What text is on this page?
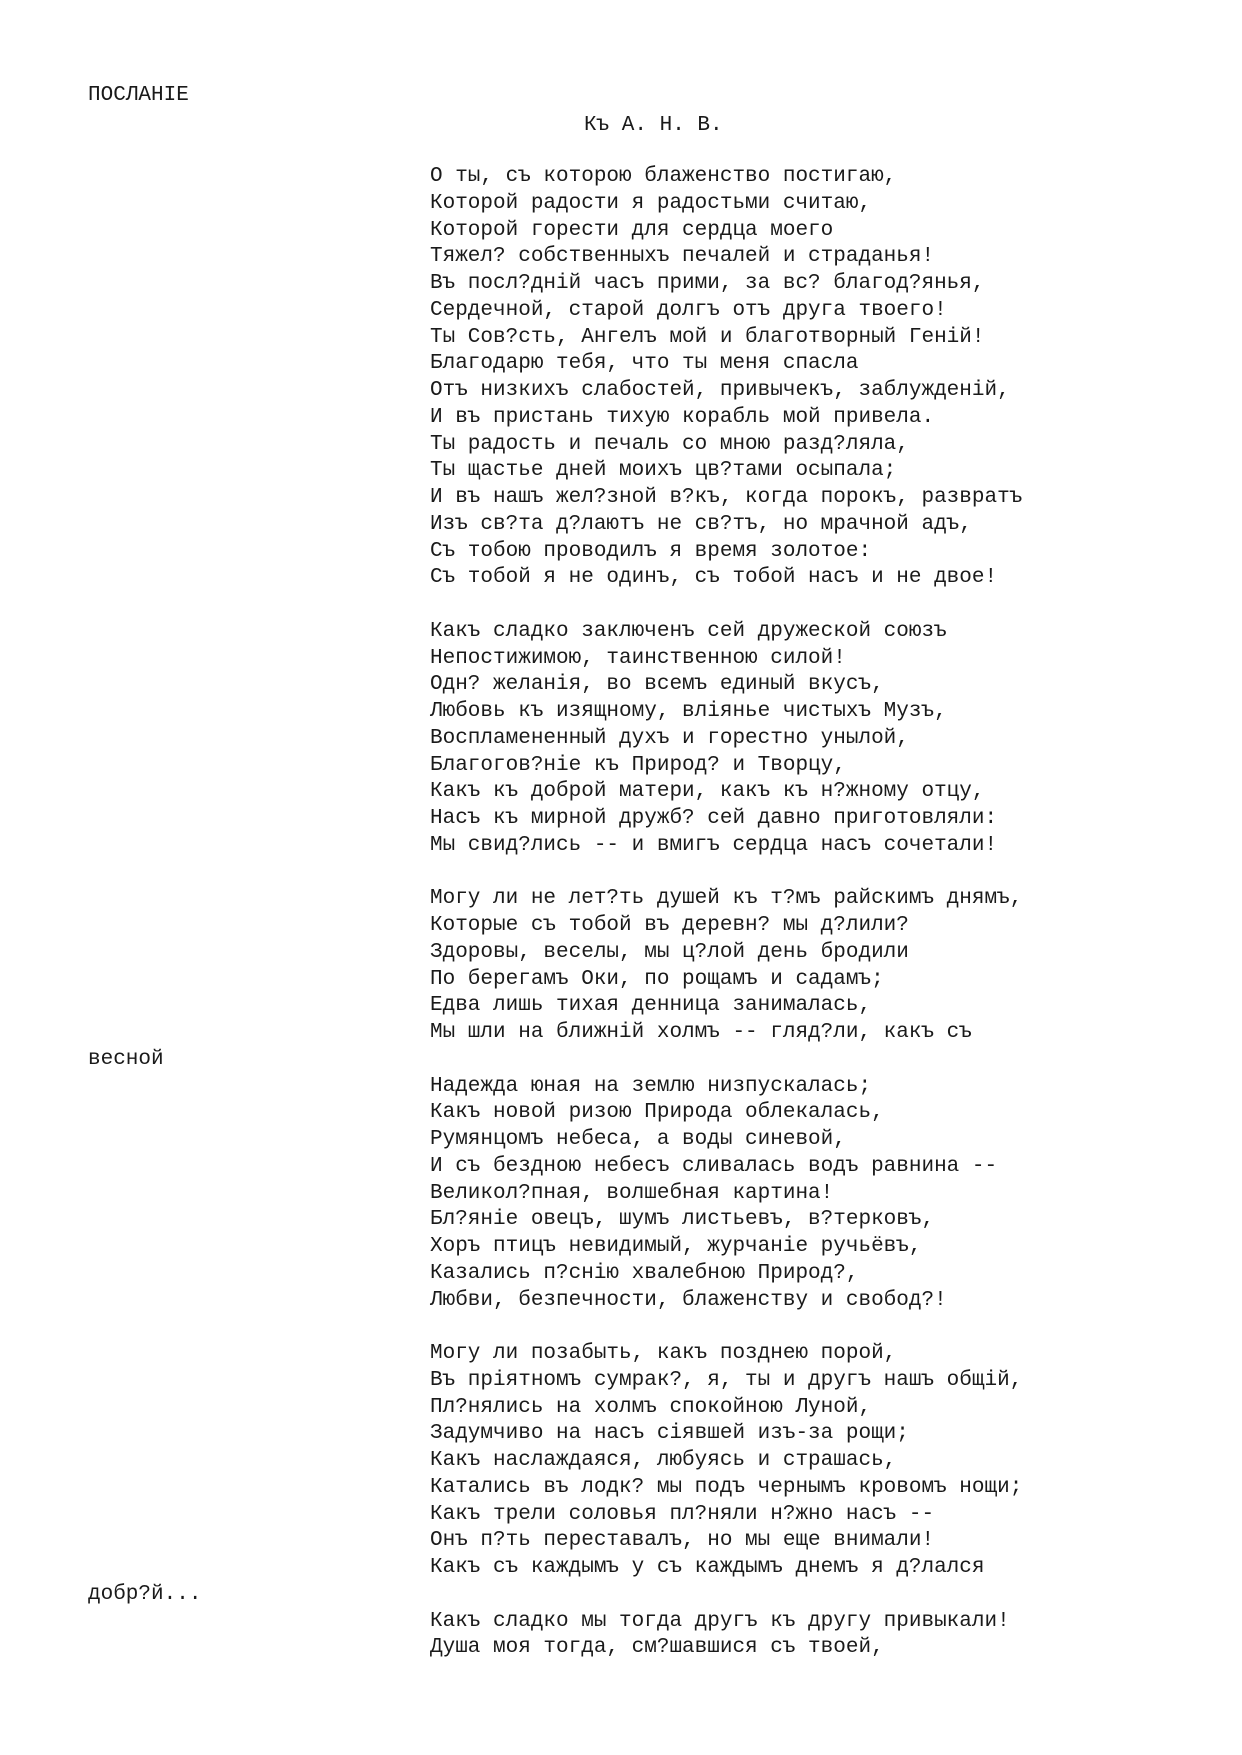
ПОСЛАНІЕ
Къ А. Н. В.
О ты, съ которою блаженство постигаю,
Которой радости я радостьми считаю,
Которой горести для сердца моего
Тяжел? собственныхъ печалей и страданья!
Въ посл?дній часъ прими, за вс? благод?янья,
Сердечной, старой долгъ отъ друга твоего!
Ты Сов?сть, Ангелъ мой и благотворный Геній!
Благодарю тебя, что ты меня спасла
Отъ низкихъ слабостей, привычекъ, заблужденій,
И въ пристань тихую корабль мой привела.
Ты радость и печаль со мною разд?ляла,
Ты щастье дней моихъ цв?тами осыпала;
И въ нашъ жел?зной в?къ, когда порокъ, развратъ
Изъ св?та д?лаютъ не св?тъ, но мрачной адъ,
Съ тобою проводилъ я время золотое:
Съ тобой я не одинъ, съ тобой насъ и не двое!
Какъ сладко заключенъ сей дружеской союзъ
Непостижимою, таинственною силой!
Одн? желанія, во всемъ единый вкусъ,
Любовь къ изящному, вліянье чистыхъ Музъ,
Воспламененный духъ и горестно унылой,
Благогов?ніе къ Природ? и Творцу,
Какъ къ доброй матери, какъ къ н?жному отцу,
Насъ къ мирной дружб? сей давно приготовляли:
Мы свид?лись -- и вмигъ сердца насъ сочетали!
Могу ли не лет?ть душей къ т?мъ райскимъ днямъ,
Которые съ тобой въ деревн? мы д?лили?
Здоровы, веселы, мы ц?лой день бродили
По берегамъ Оки, по рощамъ и садамъ;
Едва лишь тихая денница занималась,
Мы шли на ближній холмъ -- гляд?ли, какъ съ
весной
Надежда юная на землю низпускалась;
Какъ новой ризою Природа облекалась,
Румянцомъ небеса, а воды синевой,
И съ бездною небесъ сливалась водъ равнина --
Великол?пная, волшебная картина!
Бл?яніе овецъ, шумъ листьевъ, в?терковъ,
Хоръ птицъ невидимый, журчаніе ручьёвъ,
Казались п?снію хвалебною Природ?,
Любви, безпечности, блаженству и свобод?!
Могу ли позабыть, какъ позднею порой,
Въ пріятномъ сумрак?, я, ты и другъ нашъ общій,
Пл?нялись на холмъ спокойною Луной,
Задумчиво на насъ сіявшей изъ-за рощи;
Какъ наслаждаяся, любуясь и страшась,
Катались въ лодк? мы подъ чернымъ кровомъ нощи;
Какъ трели соловья пл?няли н?жно насъ --
Онъ п?ть переставалъ, но мы еще внимали!
Какъ съ каждымъ у съ каждымъ днемъ я д?лался
добр?й...
Какъ сладко мы тогда другъ къ другу привыкали!
Душа моя тогда, см?шавшися съ твоей,
